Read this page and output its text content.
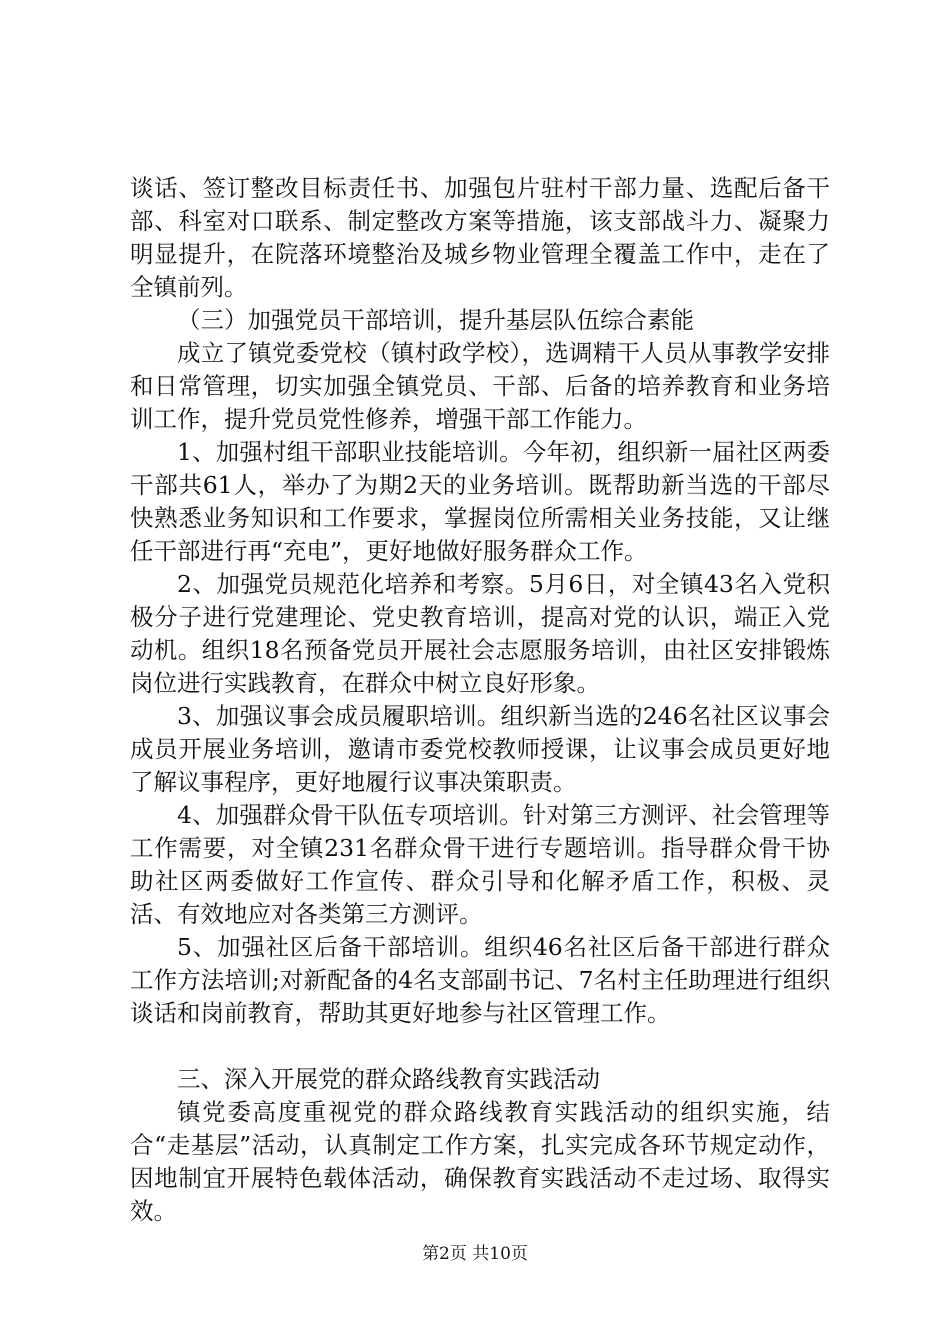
谈话、签订整改目标责任书、加强包片驻村干部力量、选配后备干部、科室对口联系、制定整改方案等措施，该支部战斗力、凝聚力明显提升，在院落环境整治及城乡物业管理全覆盖工作中，走在了全镇前列。

（三）加强党员干部培训，提升基层队伍综合素能

成立了镇党委党校（镇村政学校），选调精干人员从事教学安排和日常管理，切实加强全镇党员、干部、后备的培养教育和业务培训工作，提升党员党性修养，增强干部工作能力。

1、加强村组干部职业技能培训。今年初，组织新一届社区两委干部共61人，举办了为期2天的业务培训。既帮助新当选的干部尽快熟悉业务知识和工作要求，掌握岗位所需相关业务技能，又让继任干部进行再“充电”，更好地做好服务群众工作。

2、加强党员规范化培养和考察。5月6日，对全镇43名入党积极分子进行党建理论、党史教育培训，提高对党的认识，端正入党动机。组织18名预备党员开展社会志愿服务培训，由社区安排锻炼岗位进行实践教育，在群众中树立良好形象。

3、加强议事会成员履职培训。组织新当选的246名社区议事会成员开展业务培训，邀请市委党校教师授课，让议事会成员更好地了解议事程序，更好地履行议事决策职责。

4、加强群众骨干队伍专项培训。针对第三方测评、社会管理等工作需要，对全镇231名群众骨干进行专题培训。指导群众骨干协助社区两委做好工作宣传、群众引导和化解矛盾工作，积极、灵活、有效地应对各类第三方测评。

5、加强社区后备干部培训。组织46名社区后备干部进行群众工作方法培训;对新配备的4名支部副书记、7名村主任助理进行组织谈话和岗前教育，帮助其更好地参与社区管理工作。

三、深入开展党的群众路线教育实践活动

镇党委高度重视党的群众路线教育实践活动的组织实施，结合“走基层”活动，认真制定工作方案，扎实完成各环节规定动作，因地制宜开展特色载体活动，确保教育实践活动不走过场、取得实效。

第2页 共10页
